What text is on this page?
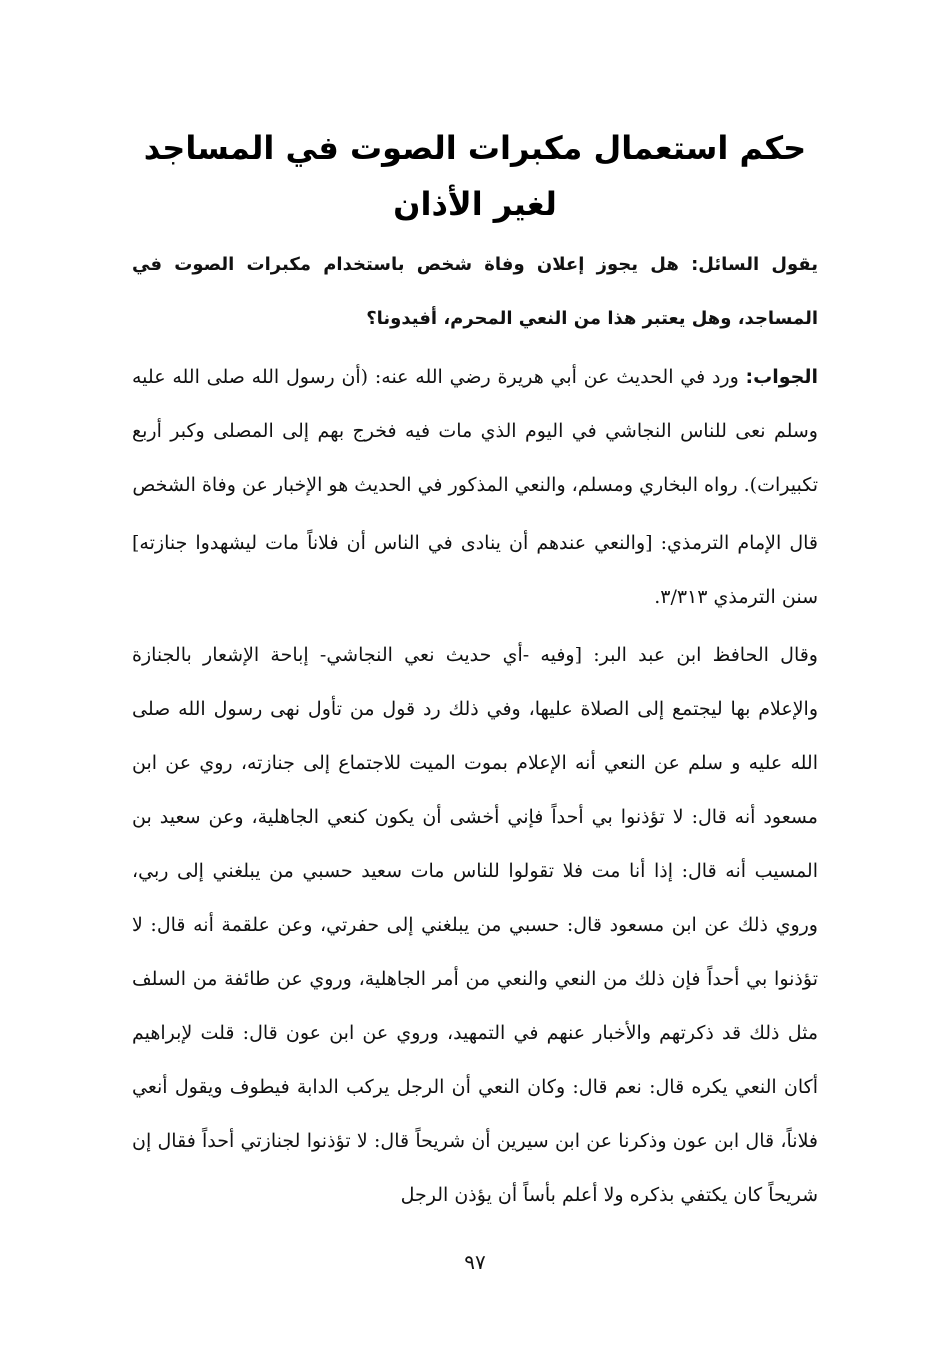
حكم استعمال مكبرات الصوت في المساجد لغير الأذان

يقول السائل: هل يجوز إعلان وفاة شخص باستخدام مكبرات الصوت في المساجد، وهل يعتبر هذا من النعي المحرم، أفيدونا؟

الجواب: ورد في الحديث عن أبي هريرة رضي الله عنه: (أن رسول الله صلى الله عليه وسلم نعى للناس النجاشي في اليوم الذي مات فيه فخرج بهم إلى المصلى وكبر أربع تكبيرات). رواه البخاري ومسلم، والنعي المذكور في الحديث هو الإخبار عن وفاة الشخص

قال الإمام الترمذي: [والنعي عندهم أن ينادى في الناس أن فلاناً مات ليشهدوا جنازته] سنن الترمذي ٣/٣١٣.

وقال الحافظ ابن عبد البر: [وفيه -أي حديث نعي النجاشي- إباحة الإشعار بالجنازة والإعلام بها ليجتمع إلى الصلاة عليها، وفي ذلك رد قول من تأول نهى رسول الله صلى الله عليه و سلم عن النعي أنه الإعلام بموت الميت للاجتماع إلى جنازته، روي عن ابن مسعود أنه قال: لا تؤذنوا بي أحداً فإني أخشى أن يكون كنعي الجاهلية، وعن سعيد بن المسيب أنه قال: إذا أنا مت فلا تقولوا للناس مات سعيد حسبي من يبلغني إلى ربي، وروي ذلك عن ابن مسعود قال: حسبي من يبلغني إلى حفرتي، وعن علقمة أنه قال: لا تؤذنوا بي أحداً فإن ذلك من النعي والنعي من أمر الجاهلية، وروي عن طائفة من السلف مثل ذلك قد ذكرتهم والأخبار عنهم في التمهيد، وروي عن ابن عون قال: قلت لإبراهيم أكان النعي يكره قال: نعم قال: وكان النعي أن الرجل يركب الدابة فيطوف ويقول أنعي فلاناً، قال ابن عون وذكرنا عن ابن سيرين أن شريحاً قال: لا تؤذنوا لجنازتي أحداً فقال إن شريحاً كان يكتفي بذكره ولا أعلم بأساً أن يؤذن الرجل

٩٧
